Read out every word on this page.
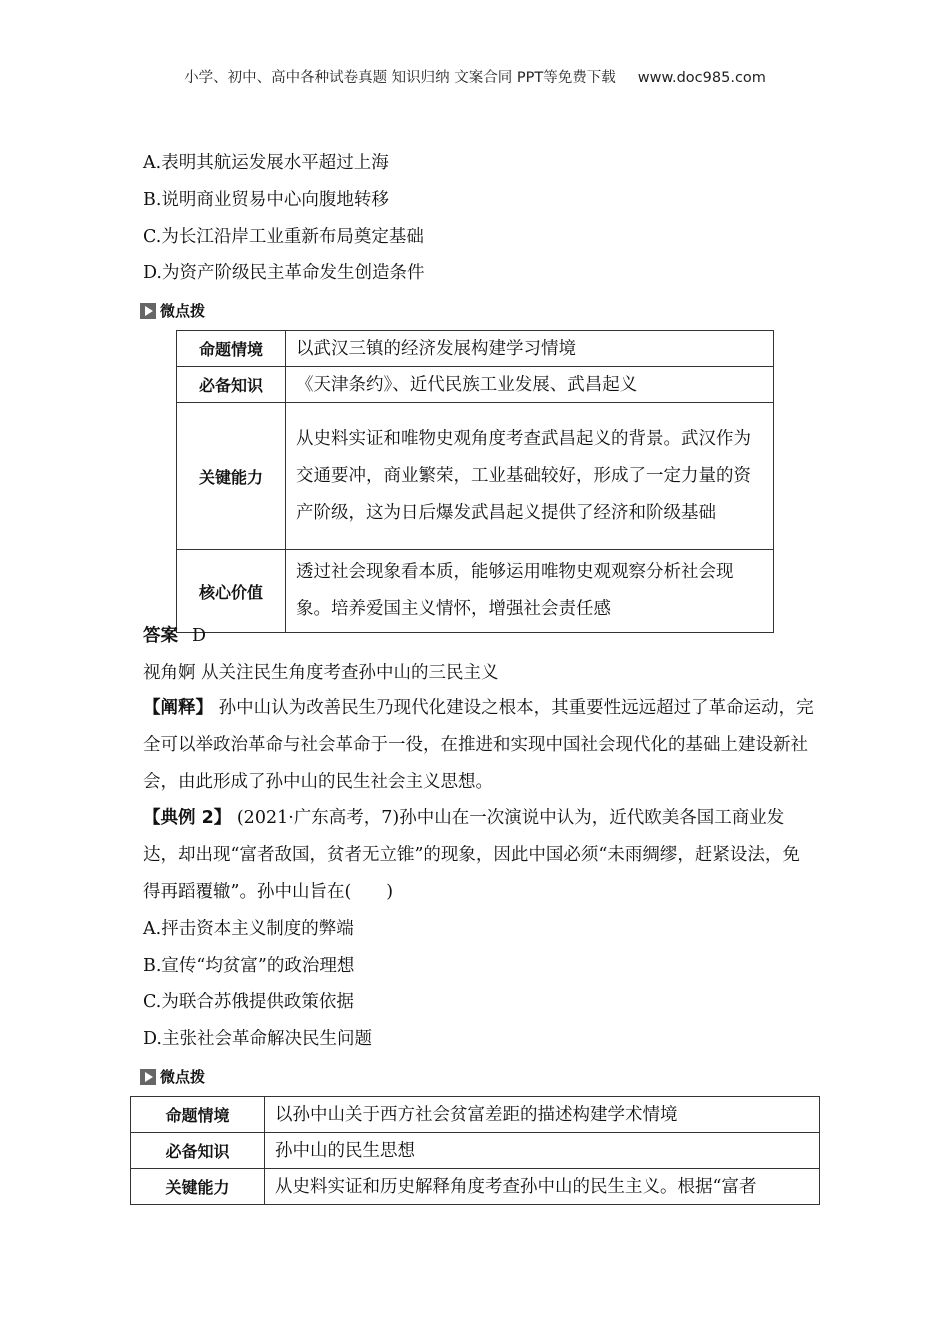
小学、初中、高中各种试卷真题 知识归纳 文案合同 PPT等免费下载 www.doc985.com
A.表明其航运发展水平超过上海
B.说明商业贸易中心向腹地转移
C.为长江沿岸工业重新布局奠定基础
D.为资产阶级民主革命发生创造条件
微点拨
命题情境	以武汉三镇的经济发展构建学习情境
必备知识	《天津条约》、近代民族工业发展、武昌起义
关键能力	从史料实证和唯物史观角度考查武昌起义的背景。武汉作为交通要冲，商业繁荣，工业基础较好，形成了一定力量的资产阶级，这为日后爆发武昌起义提供了经济和阶级基础
核心价值	透过社会现象看本质，能够运用唯物史观观察分析社会现象。培养爱国主义情怀，增强社会责任感
答案 D
视角婀 从关注民生角度考查孙中山的三民主义
【阐释】 孙中山认为改善民生乃现代化建设之根本，其重要性远远超过了革命运动，完全可以举政治革命与社会革命于一役，在推进和实现中国社会现代化的基础上建设新社会，由此形成了孙中山的民生社会主义思想。
【典例 2】 (2021·广东高考，7)孙中山在一次演说中认为，近代欧美各国工商业发达，却出现“富者敌国，贫者无立锥”的现象，因此中国必须“未雨绸缪，赶紧设法，免得再蹈覆辙”。孙中山旨在(　　)
A.抨击资本主义制度的弊端
B.宣传“均贫富”的政治理想
C.为联合苏俄提供政策依据
D.主张社会革命解决民生问题
微点拨
命题情境	以孙中山关于西方社会贫富差距的描述构建学术情境
必备知识	孙中山的民生思想
关键能力	从史料实证和历史解释角度考查孙中山的民生主义。根据“富者
